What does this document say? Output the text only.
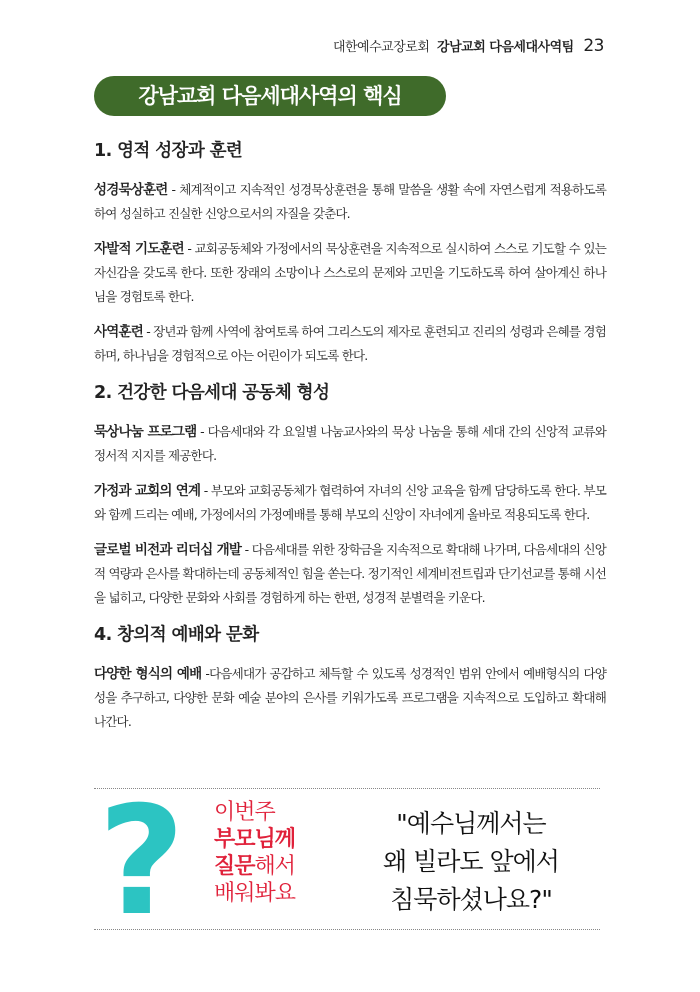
대한예수교장로회 강남교회 다음세대사역팀 23
강남교회 다음세대사역의 핵심
1. 영적 성장과 훈련

성경묵상훈련 - 체계적이고 지속적인 성경묵상훈련을 통해 말씀을 생활 속에 자연스럽게 적용하도록 하여 성실하고 진실한 신앙으로서의 자질을 갖춘다.

자발적 기도훈련 - 교회공동체와 가정에서의 묵상훈련을 지속적으로 실시하여 스스로 기도할 수 있는 자신감을 갖도록 한다. 또한 장래의 소망이나 스스로의 문제와 고민을 기도하도록 하여 살아계신 하나님을 경험토록 한다.

사역훈련 - 장년과 함께 사역에 참여토록 하여 그리스도의 제자로 훈련되고 진리의 성령과 은혜를 경험하며, 하나님을 경험적으로 아는 어린이가 되도록 한다.

2. 건강한 다음세대 공동체 형성

묵상나눔 프로그램 - 다음세대와 각 요일별 나눔교사와의 묵상 나눔을 통해 세대 간의 신앙적 교류와 정서적 지지를 제공한다.

가정과 교회의 연계 - 부모와 교회공동체가 협력하여 자녀의 신앙 교육을 함께 담당하도록 한다. 부모와 함께 드리는 예배, 가정에서의 가정예배를 통해 부모의 신앙이 자녀에게 올바로 적용되도록 한다.

글로벌 비전과 리더십 개발 - 다음세대를 위한 장학금을 지속적으로 확대해 나가며, 다음세대의 신앙적 역량과 은사를 확대하는데 공동체적인 힘을 쏟는다. 정기적인 세계비전트립과 단기선교를 통해 시선을 넓히고, 다양한 문화와 사회를 경험하게 하는 한편, 성경적 분별력을 키운다.

4. 창의적 예배와 문화

다양한 형식의 예배 -다음세대가 공감하고 체득할 수 있도록 성경적인 범위 안에서 예배형식의 다양성을 추구하고, 다양한 문화 예술 분야의 은사를 키워가도록 프로그램을 지속적으로 도입하고 확대해 나간다.

? 이번주
부모님께
질문해서
배워봐요
"예수님께서는
왜 빌라도 앞에서
침묵하셨나요?"
